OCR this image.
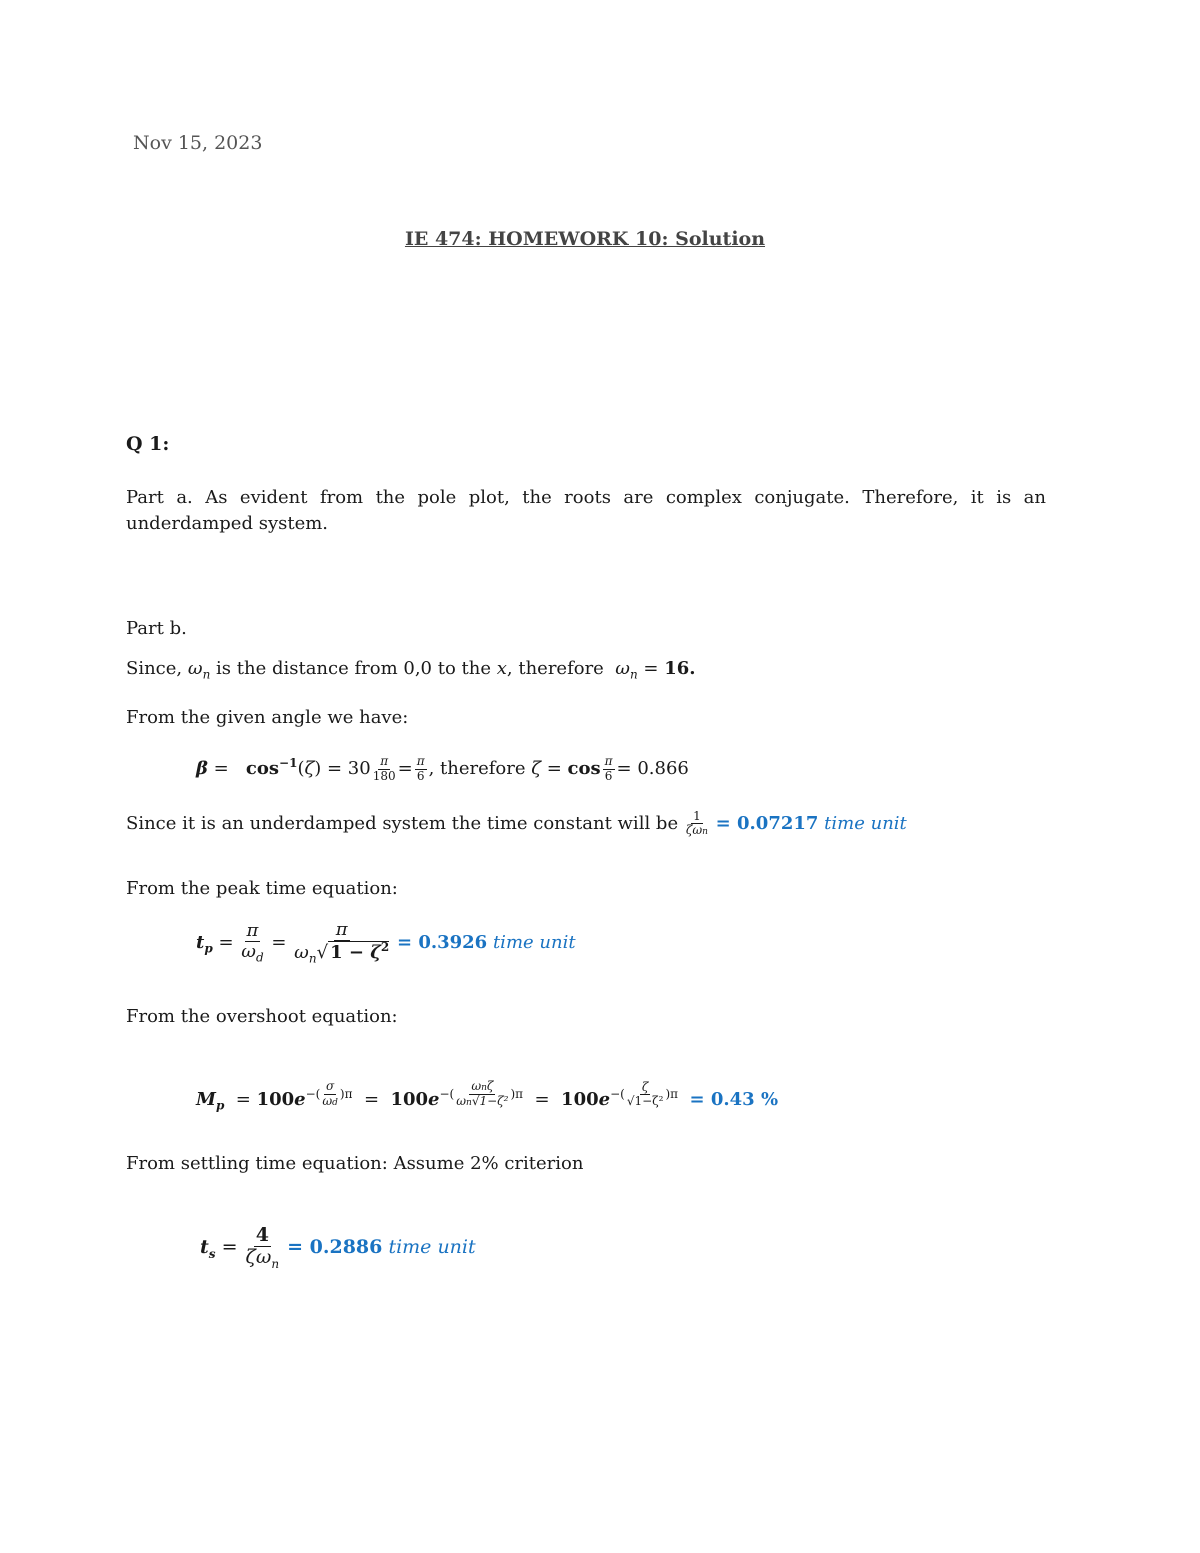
Nov 15, 2023
IE 474: HOMEWORK 10: Solution
Q 1:
Part a. As evident from the pole plot, the roots are complex conjugate. Therefore, it is an underdamped system.
Part b.
Since, $\omega_n$ is the distance from 0,0 to the x, therefore $\omega_n = 16$.
From the given angle we have:
$\beta = \cos^{-1}(\zeta) = 30 \frac{\pi}{180} = \frac{\pi}{6}$ , therefore $\zeta = \cos \frac{\pi}{6} = 0.866$
Since it is an underdamped system the time constant will be $\frac{1}{\text{ζωn}} = 0.07217$ time unit
From the peak time equation:
$t_p = \frac{\pi}{\omega_d} = \frac{\pi}{\omega_n√ 1 - \zeta^2} = 0.3926$ time unit
From the overshoot equation:
$M_p = 100e^{-( \frac{\sigma}{\omega d} )\pi} = 100e^{-( \frac{\text{ωnζ}}{\text{ωn√1−ζ²}} )\pi} = 100e^{-( \frac{\zeta}{\text{√1−ζ²}} )\pi} = 0.43$ %
From settling time equation: Assume 2% criterion
$t_s = \frac{4}{\zeta\omega_n} = 0.2886$ time unit
